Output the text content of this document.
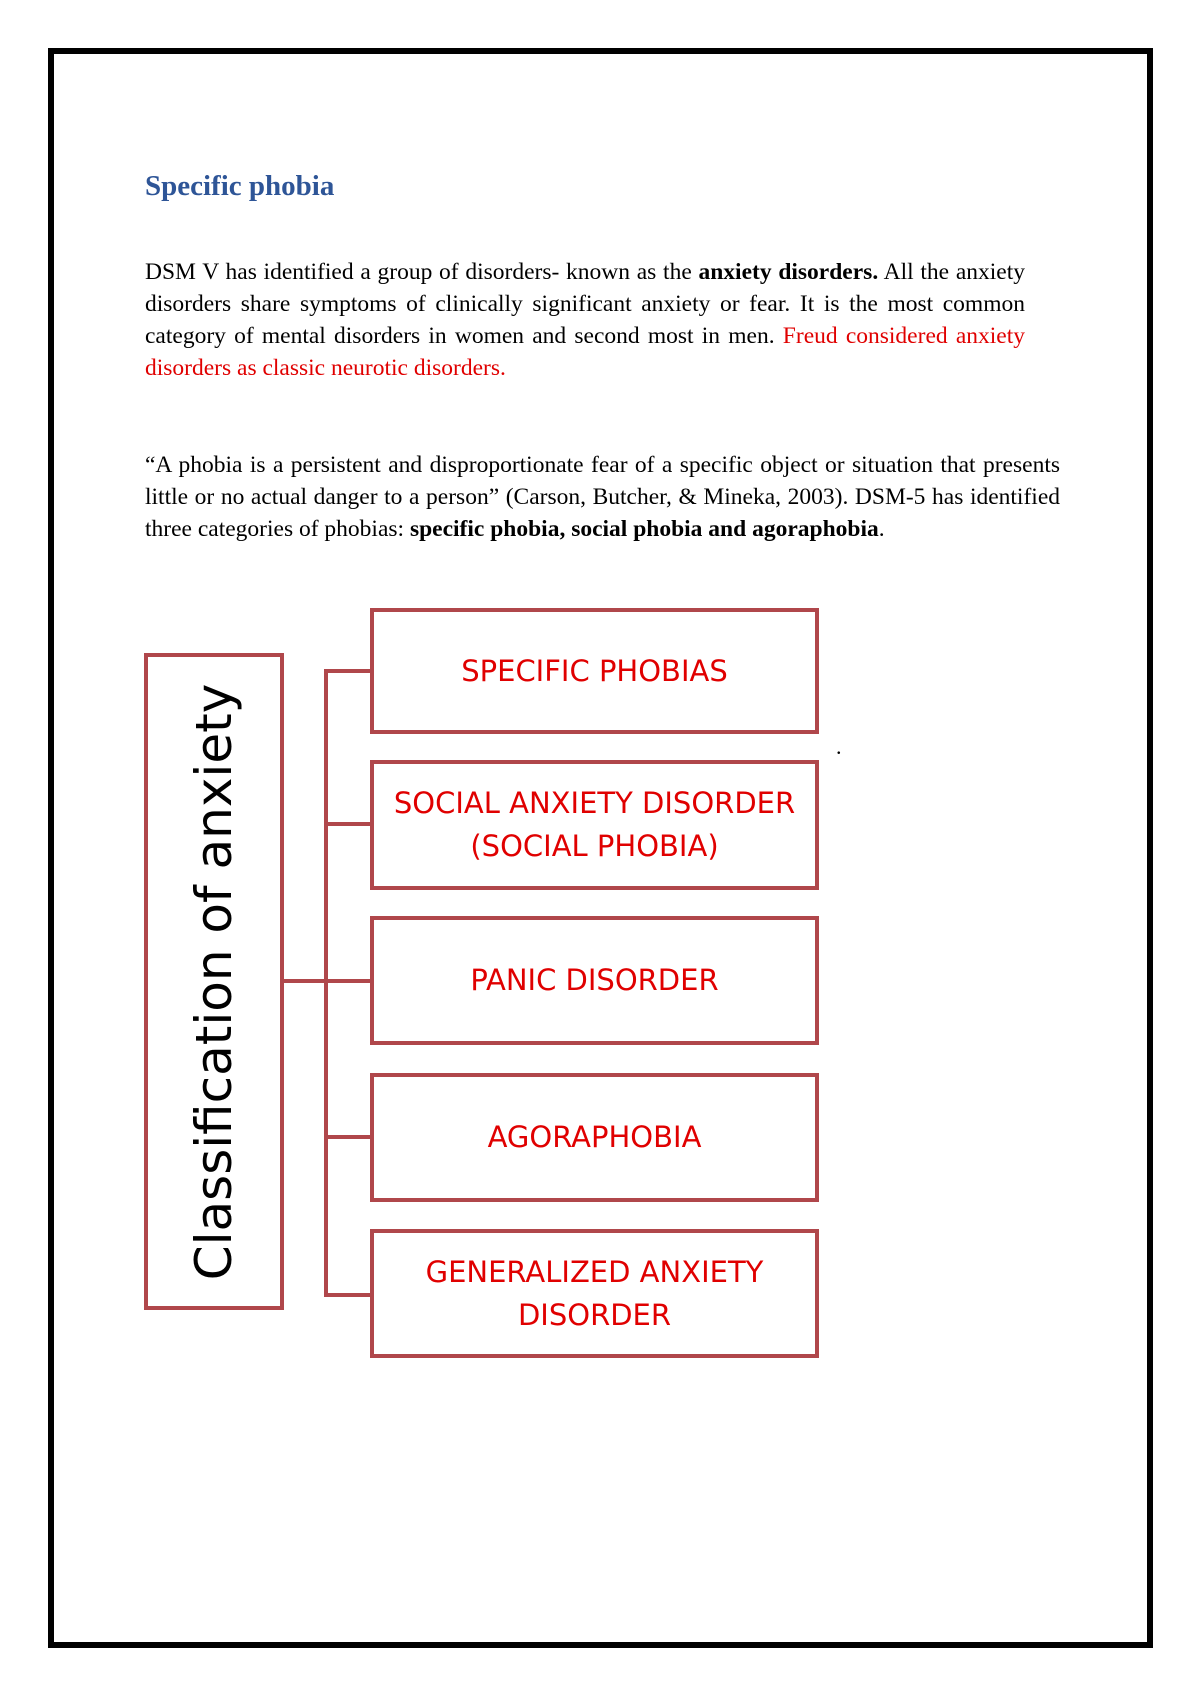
Specific phobia

DSM V has identified a group of disorders- known as the anxiety disorders. All the anxiety disorders share symptoms of clinically significant anxiety or fear. It is the most common category of mental disorders in women and second most in men. Freud considered anxiety disorders as classic neurotic disorders.

“A phobia is a persistent and disproportionate fear of a specific object or situation that presents little or no actual danger to a person” (Carson, Butcher, & Mineka, 2003). DSM-5 has identified three categories of phobias: specific phobia, social phobia and agoraphobia.

.
Classification of anxiety
SPECIFIC PHOBIAS
SOCIAL ANXIETY DISORDER (SOCIAL PHOBIA)
PANIC DISORDER
AGORAPHOBIA
GENERALIZED ANXIETY DISORDER
